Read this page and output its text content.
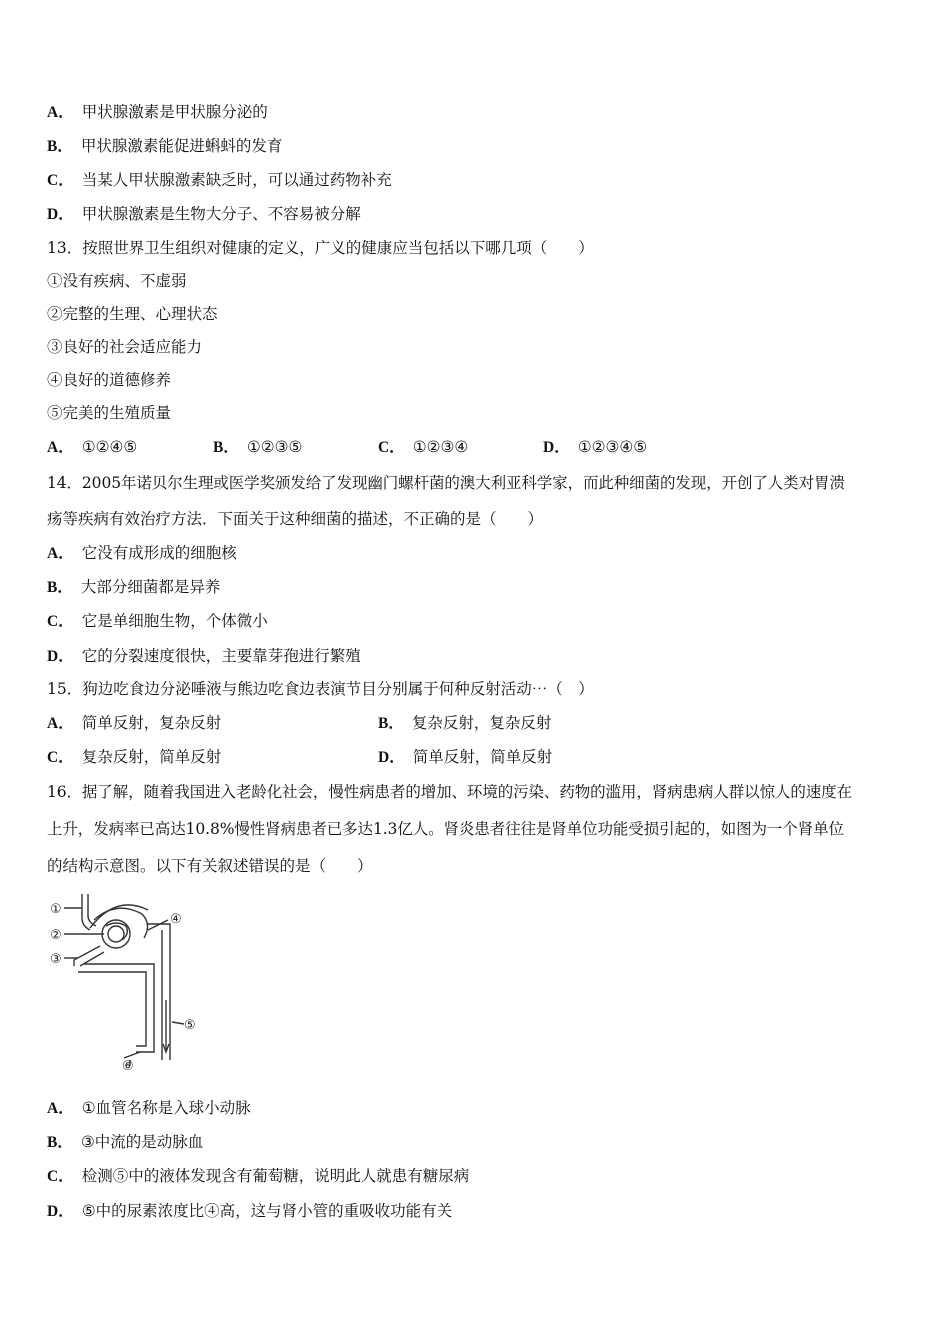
A． 甲状腺激素是甲状腺分泌的
B． 甲状腺激素能促进蝌蚪的发育
C． 当某人甲状腺激素缺乏时，可以通过药物补充
D． 甲状腺激素是生物大分子、不容易被分解
13．按照世界卫生组织对健康的定义，广义的健康应当包括以下哪几项（　　）
①没有疾病、不虚弱
②完整的生理、心理状态
③良好的社会适应能力
④良好的道德修养
⑤完美的生殖质量
A． ①②④⑤	B． ①②③⑤	C． ①②③④	D． ①②③④⑤
14．2005年诺贝尔生理或医学奖颁发给了发现幽门螺杆菌的澳大利亚科学家，而此种细菌的发现，开创了人类对胃溃
疡等疾病有效治疗方法．下面关于这种细菌的描述，不正确的是（　　）
A． 它没有成形成的细胞核
B． 大部分细菌都是异养
C． 它是单细胞生物，个体微小
D． 它的分裂速度很快，主要靠芽孢进行繁殖
15．狗边吃食边分泌唾液与熊边吃食边表演节目分别属于何种反射活动⋯（　）
A． 简单反射，复杂反射	B． 复杂反射，复杂反射
C． 复杂反射，简单反射	D． 简单反射，简单反射
16．据了解，随着我国进入老龄化社会，慢性病患者的增加、环境的污染、药物的滥用，肾病患病人群以惊人的速度在
上升，发病率已高达10.8%慢性肾病患者已多达1.3亿人。肾炎患者往往是肾单位功能受损引起的，如图为一个肾单位
的结构示意图。以下有关叙述错误的是（　　）
①
②
③
④
⑤
⑥
A． ①血管名称是入球小动脉
B． ③中流的是动脉血
C． 检测⑤中的液体发现含有葡萄糖，说明此人就患有糖尿病
D． ⑤中的尿素浓度比④高，这与肾小管的重吸收功能有关
